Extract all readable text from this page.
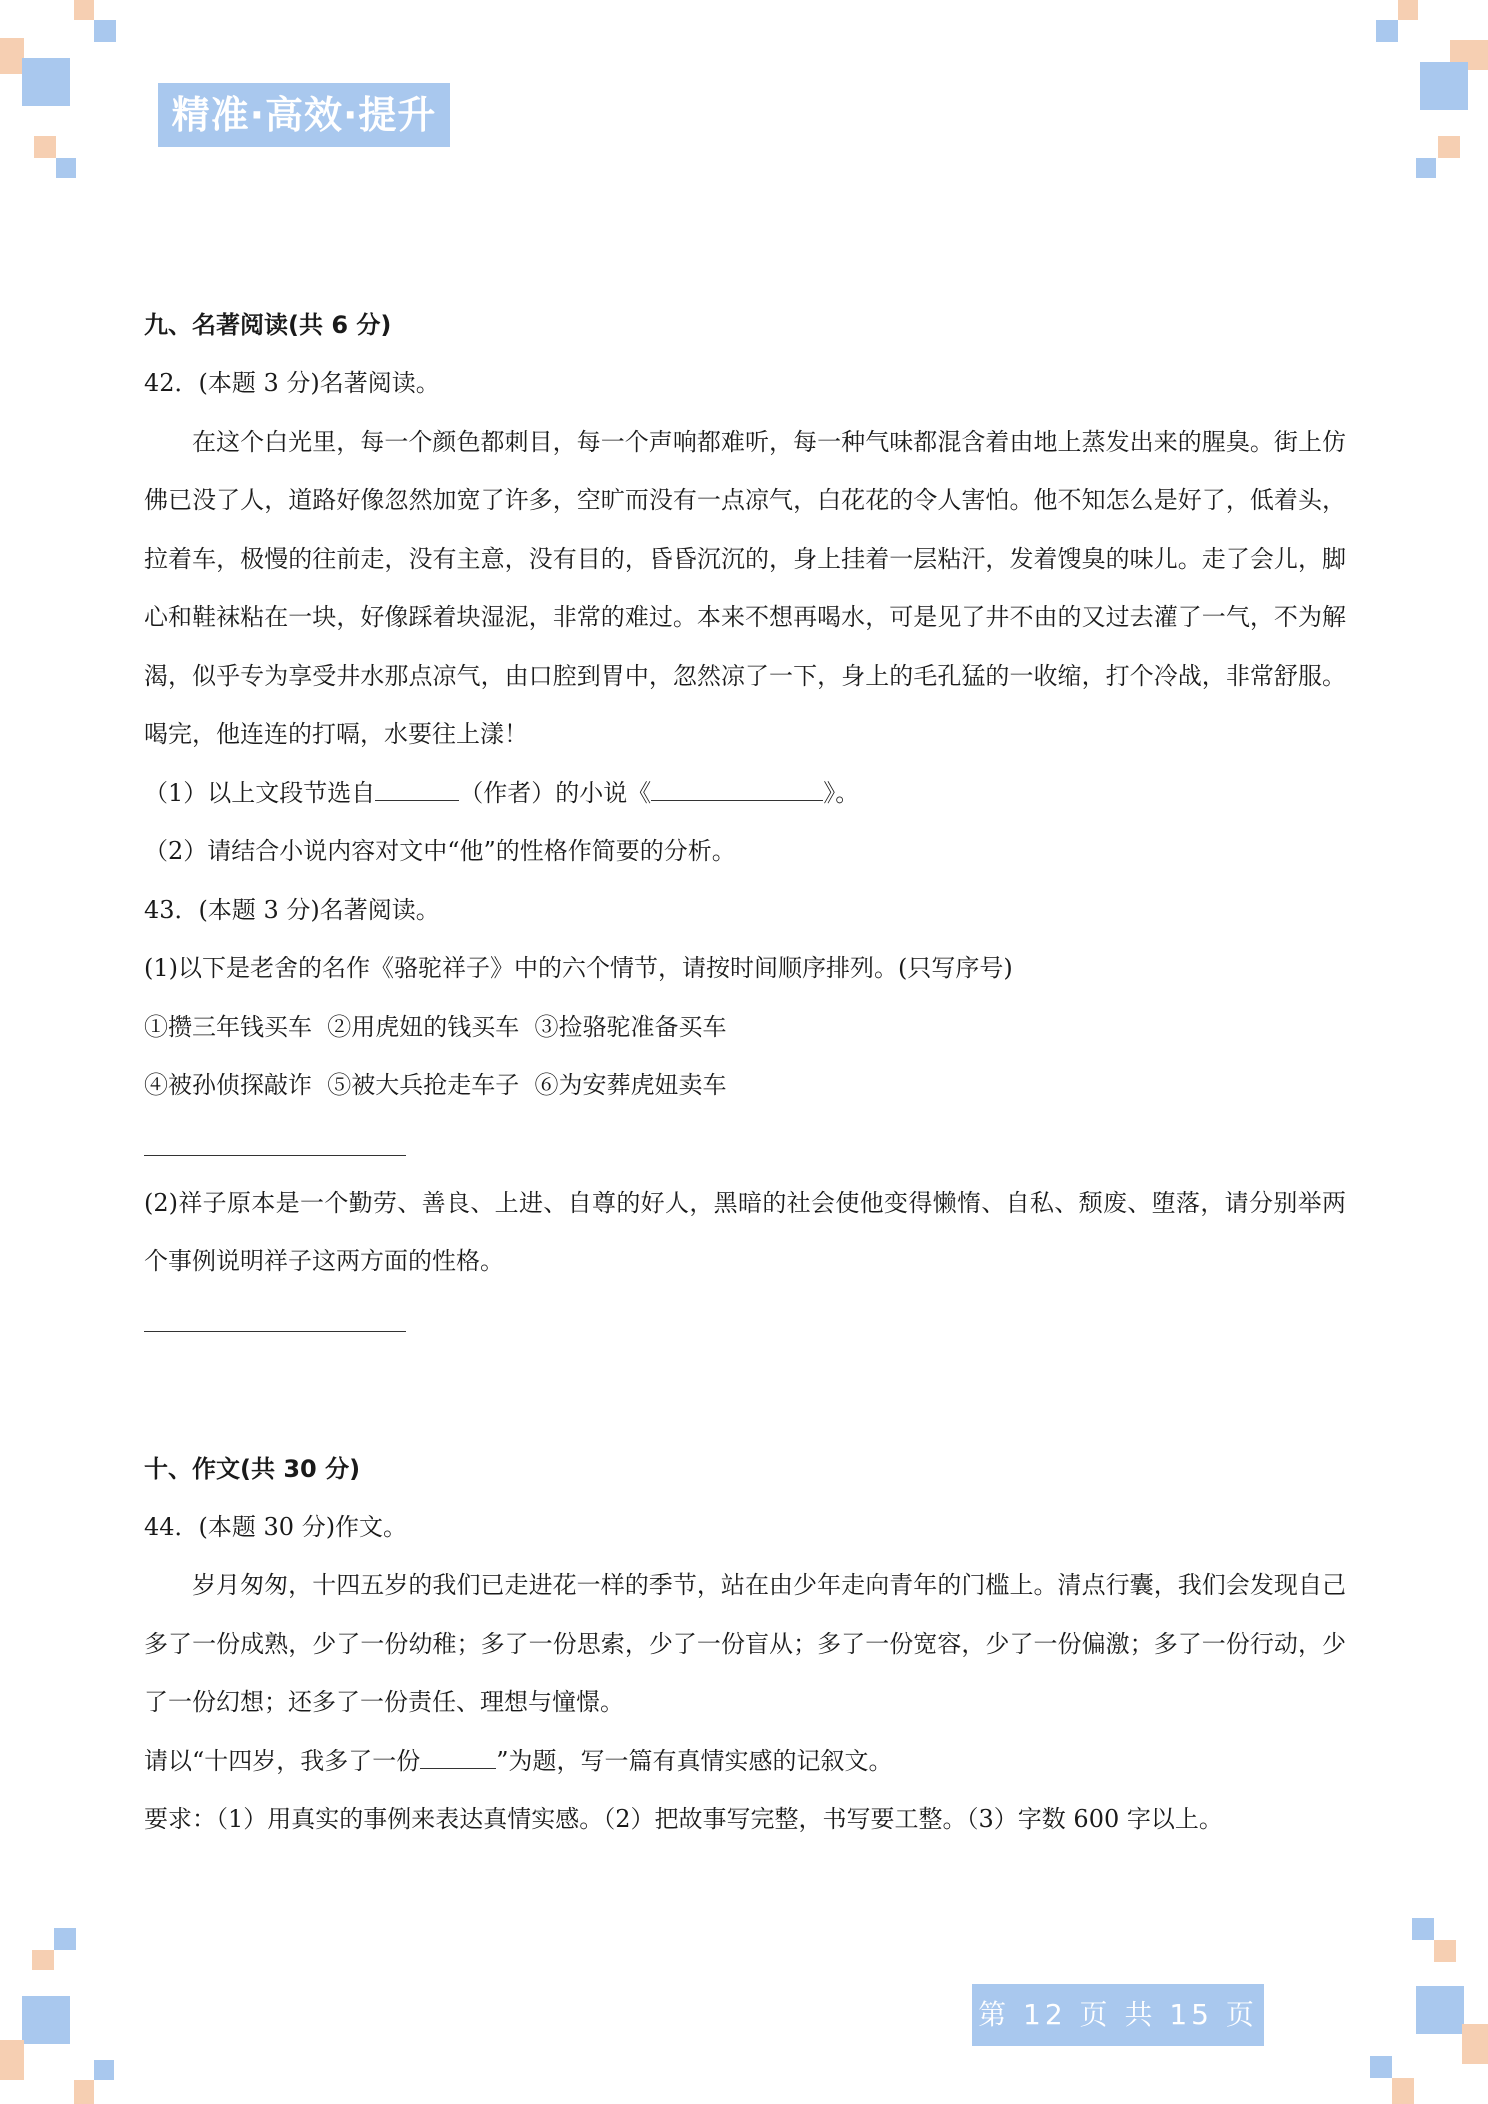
精准·高效·提升
九、名著阅读(共 6 分)
42．(本题 3 分)名著阅读。
在这个白光里，每一个颜色都刺目，每一个声响都难听，每一种气味都混含着由地上蒸发出来的腥臭。街上仿佛已没了人，道路好像忽然加宽了许多，空旷而没有一点凉气，白花花的令人害怕。他不知怎么是好了，低着头，拉着车，极慢的往前走，没有主意，没有目的，昏昏沉沉的，身上挂着一层粘汗，发着馊臭的味儿。走了会儿，脚心和鞋袜粘在一块，好像踩着块湿泥，非常的难过。本来不想再喝水，可是见了井不由的又过去灌了一气，不为解渴，似乎专为享受井水那点凉气，由口腔到胃中，忽然凉了一下，身上的毛孔猛的一收缩，打个冷战，非常舒服。喝完，他连连的打嗝，水要往上漾！
（1）以上文段节选自	（作者）的小说《	》。
（2）请结合小说内容对文中“他”的性格作简要的分析。
43．(本题 3 分)名著阅读。
(1)以下是老舍的名作《骆驼祥子》中的六个情节，请按时间顺序排列。(只写序号)
①攒三年钱买车  ②用虎妞的钱买车  ③捡骆驼准备买车
④被孙侦探敲诈  ⑤被大兵抢走车子  ⑥为安葬虎妞卖车
(2)祥子原本是一个勤劳、善良、上进、自尊的好人，黑暗的社会使他变得懒惰、自私、颓废、堕落，请分别举两个事例说明祥子这两方面的性格。
十、作文(共 30 分)
44．(本题 30 分)作文。
岁月匆匆，十四五岁的我们已走进花一样的季节，站在由少年走向青年的门槛上。清点行囊，我们会发现自己多了一份成熟，少了一份幼稚；多了一份思索，少了一份盲从；多了一份宽容，少了一份偏激；多了一份行动，少了一份幻想；还多了一份责任、理想与憧憬。
请以“十四岁，我多了一份	”为题，写一篇有真情实感的记叙文。
要求：（1）用真实的事例来表达真情实感。（2）把故事写完整，书写要工整。（3）字数 600 字以上。
第 12 页 共 15 页
